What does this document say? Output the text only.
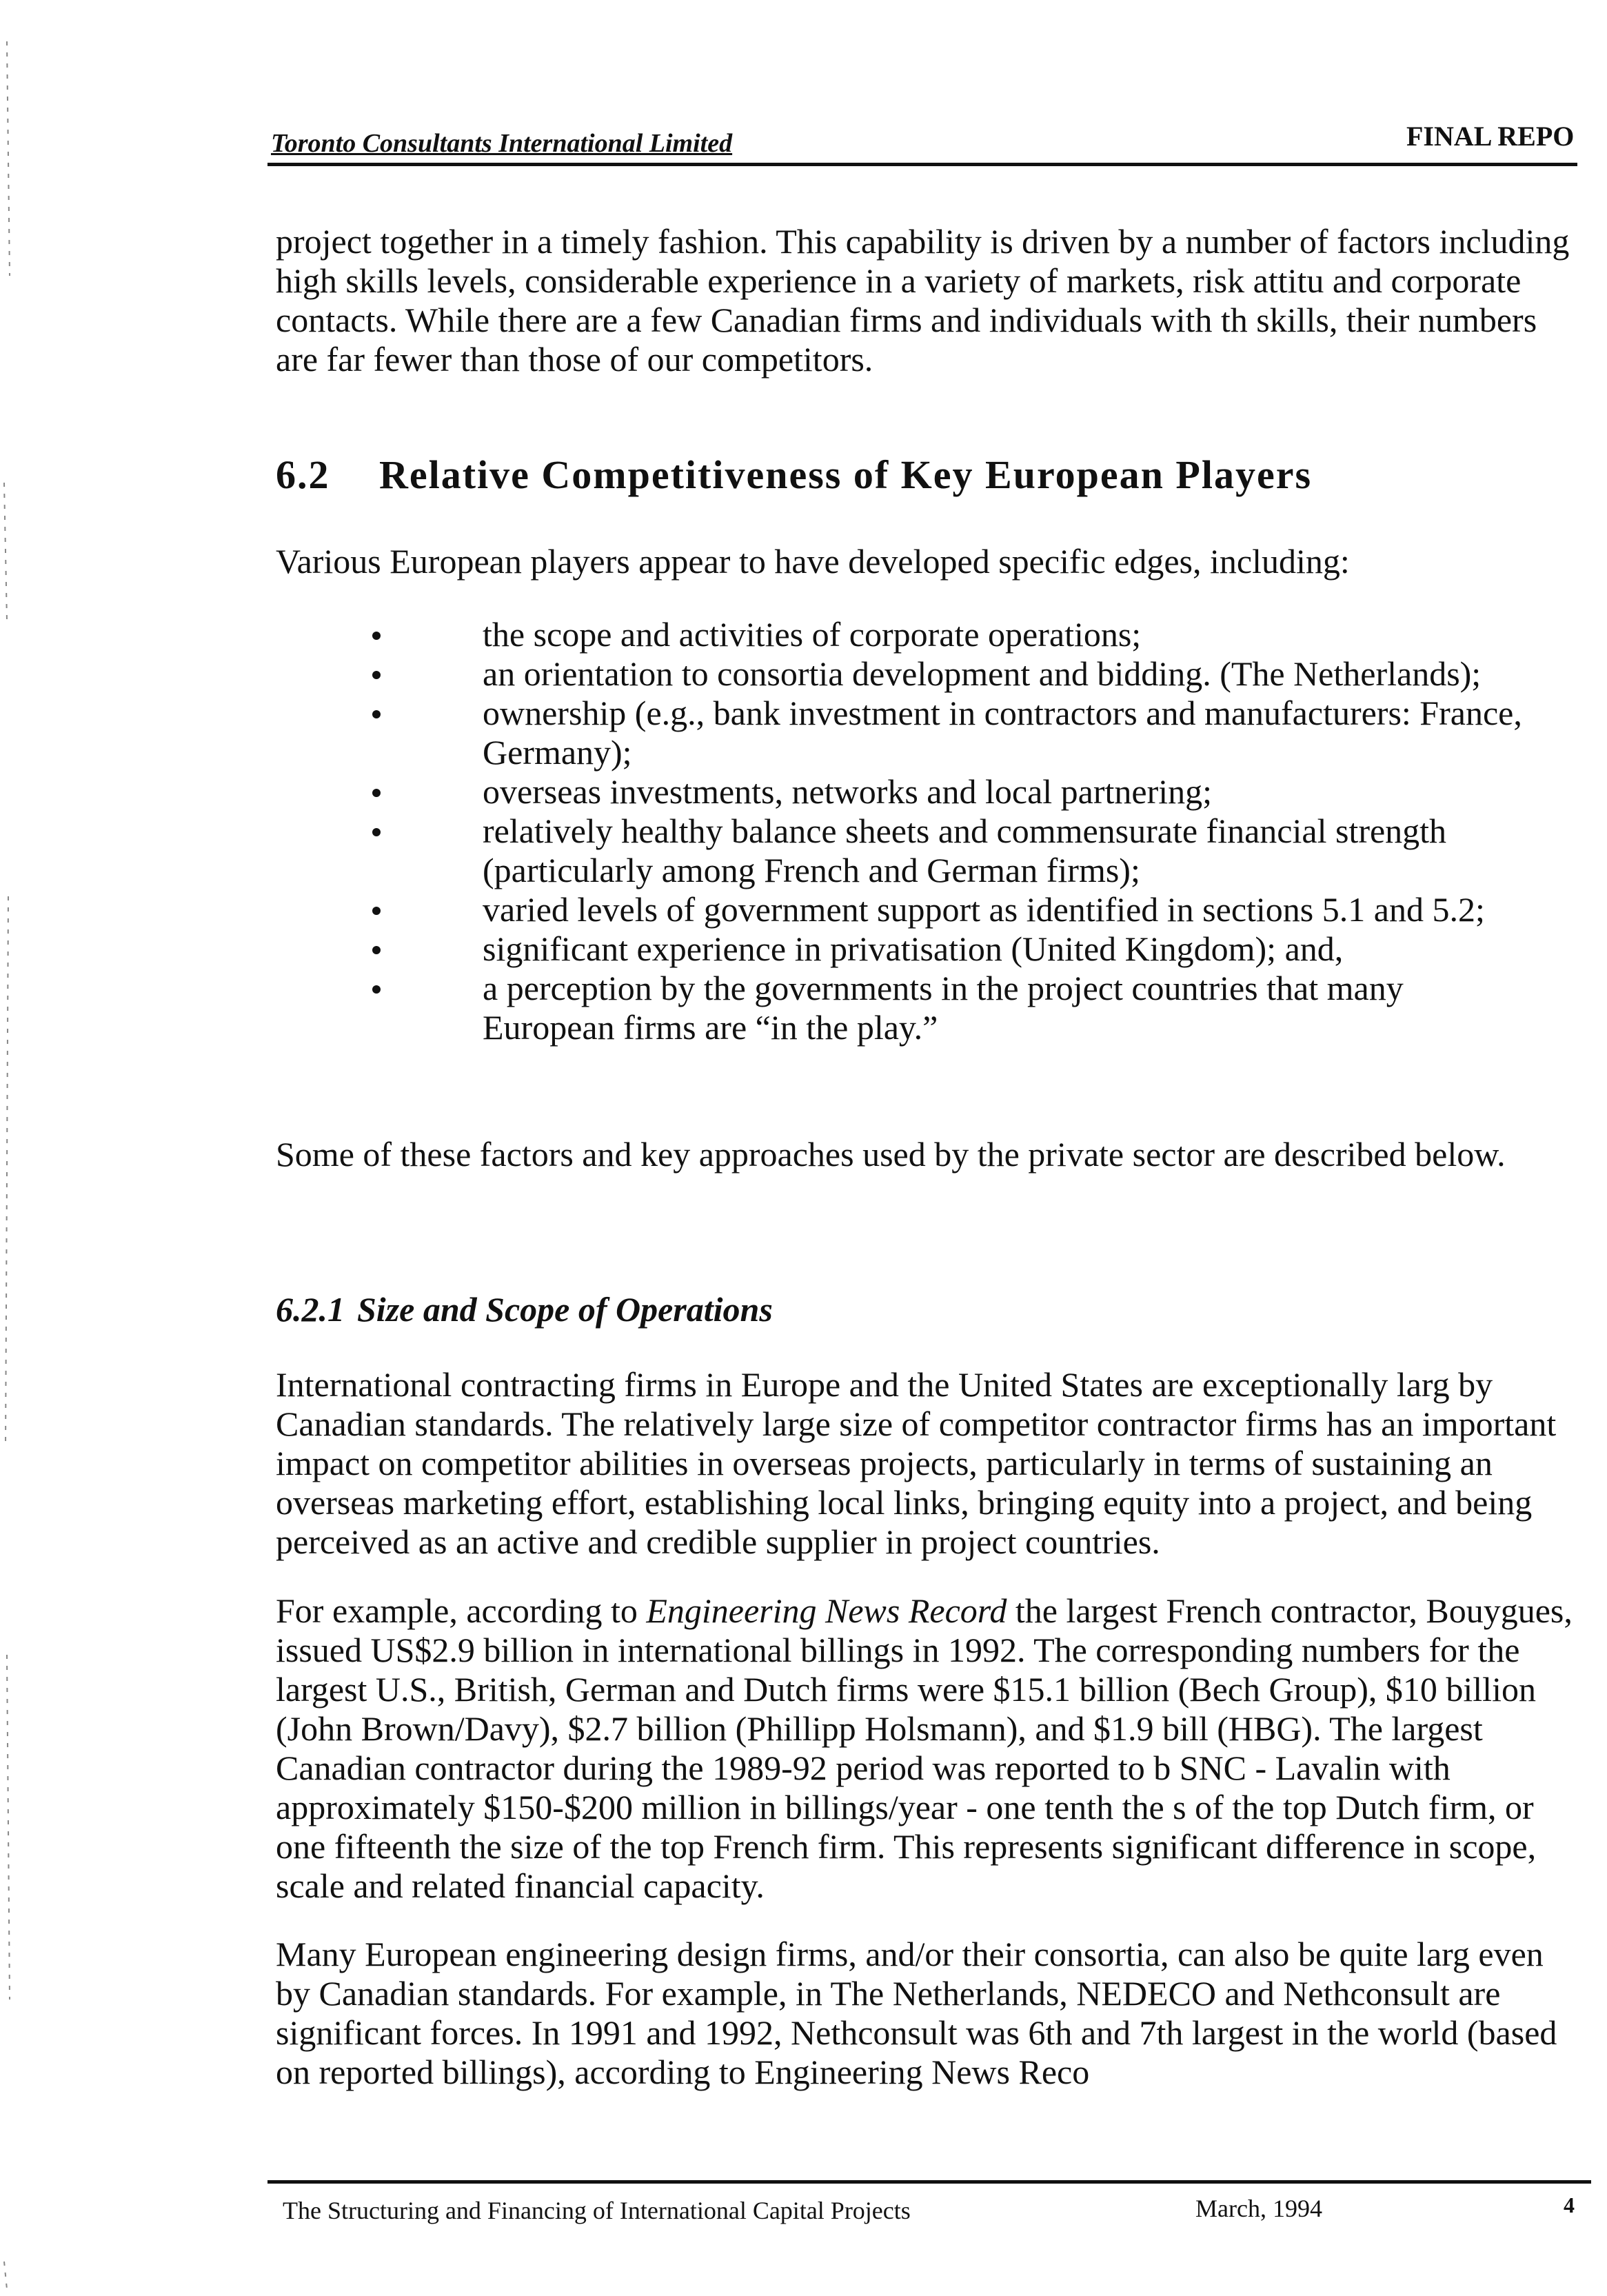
Toronto Consultants International Limited	FINAL REPO

project together in a timely fashion. This capability is driven by a number of factors including high skills levels, considerable experience in a variety of markets, risk attitu and corporate contacts. While there are a few Canadian firms and individuals with th skills, their numbers are far fewer than those of our competitors.

6.2 Relative Competitiveness of Key European Players

Various European players appear to have developed specific edges, including:

the scope and activities of corporate operations;
an orientation to consortia development and bidding. (The Netherlands);
ownership (e.g., bank investment in contractors and manufacturers: France, Germany);
overseas investments, networks and local partnering;
relatively healthy balance sheets and commensurate financial strength (particularly among French and German firms);
varied levels of government support as identified in sections 5.1 and 5.2;
significant experience in privatisation (United Kingdom); and,
a perception by the governments in the project countries that many European firms are “in the play.”

Some of these factors and key approaches used by the private sector are described below.

6.2.1 Size and Scope of Operations

International contracting firms in Europe and the United States are exceptionally larg by Canadian standards. The relatively large size of competitor contractor firms has an important impact on competitor abilities in overseas projects, particularly in terms of sustaining an overseas marketing effort, establishing local links, bringing equity into a project, and being perceived as an active and credible supplier in project countries.

For example, according to Engineering News Record the largest French contractor, Bouygues, issued US$2.9 billion in international billings in 1992. The corresponding numbers for the largest U.S., British, German and Dutch firms were $15.1 billion (Bech Group), $10 billion (John Brown/Davy), $2.7 billion (Phillipp Holsmann), and $1.9 bill (HBG). The largest Canadian contractor during the 1989-92 period was reported to b SNC - Lavalin with approximately $150-$200 million in billings/year - one tenth the s of the top Dutch firm, or one fifteenth the size of the top French firm. This represents significant difference in scope, scale and related financial capacity.

Many European engineering design firms, and/or their consortia, can also be quite larg even by Canadian standards. For example, in The Netherlands, NEDECO and Nethconsult are significant forces. In 1991 and 1992, Nethconsult was 6th and 7th largest in the world (based on reported billings), according to Engineering News Reco

The Structuring and Financing of International Capital Projects	March, 1994	4
